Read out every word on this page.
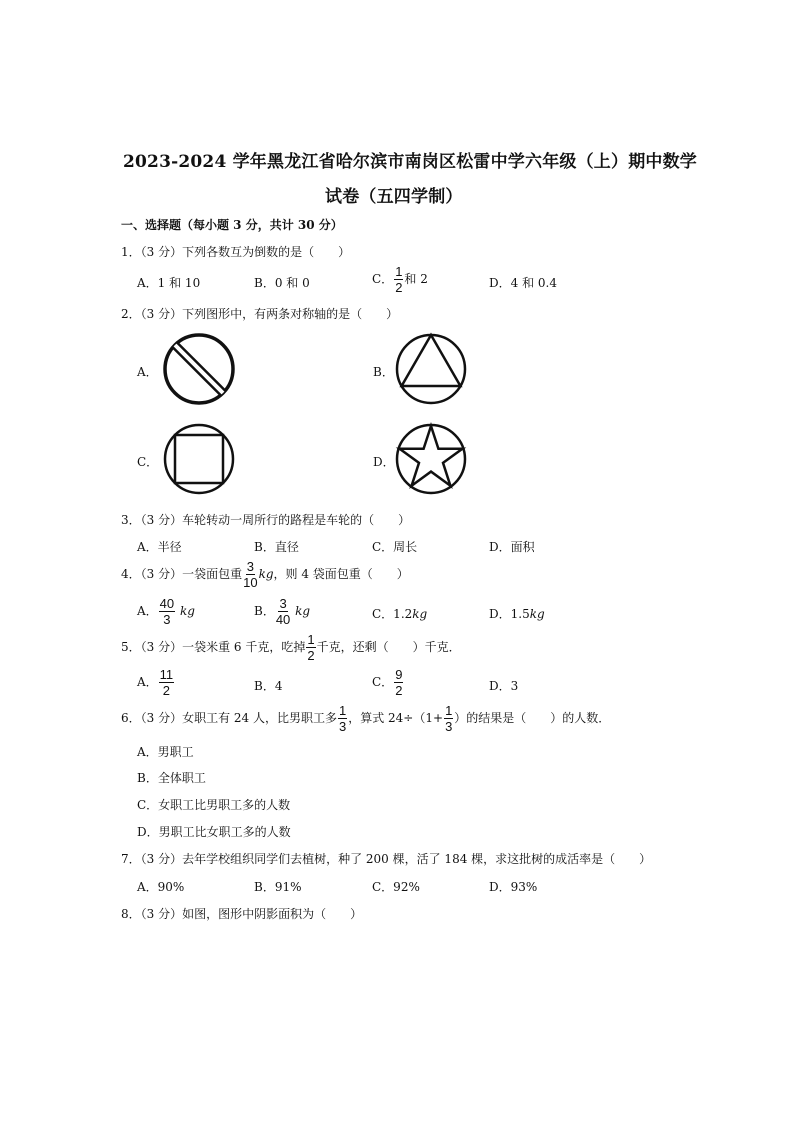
2023-2024 学年黑龙江省哈尔滨市南岗区松雷中学六年级（上）期中数学
试卷（五四学制）
一、选择题（每小题 3 分，共计 30 分）
1．（3 分）下列各数互为倒数的是（　　）
A．1 和 10	B．0 和 0	C． $\frac{1}{2}$ 和 2	D．4 和 0.4
2．（3 分）下列图形中，有两条对称轴的是（　　）
A．	B．
C．	D．
3．（3 分）车轮转动一周所行的路程是车轮的（　　）
A．半径	B．直径	C．周长	D．面积
4．（3 分）一袋面包重 $\frac{3}{10}$ kg，则 4 袋面包重（　　）
A． $\frac{40}{3}$ kg	B． $\frac{3}{40}$ kg	C．1.2kg	D．1.5kg
5．（3 分）一袋米重 6 千克，吃掉 $\frac{1}{2}$ 千克，还剩（　　）千克．
A． $\frac{11}{2}$	B．4	C． $\frac{9}{2}$	D．3
6．（3 分）女职工有 24 人，比男职工多 $\frac{1}{3}$ ，算式 $24\div(1+ \frac{1}{3}$ ）的结果是（　　）的人数．
A．男职工
B．全体职工
C．女职工比男职工多的人数
D．男职工比女职工多的人数
7．（3 分）去年学校组织同学们去植树，种了 200 棵，活了 184 棵，求这批树的成活率是（　　）
A．90%	B．91%	C．92%	D．93%
8．（3 分）如图，图形中阴影面积为（　　）
